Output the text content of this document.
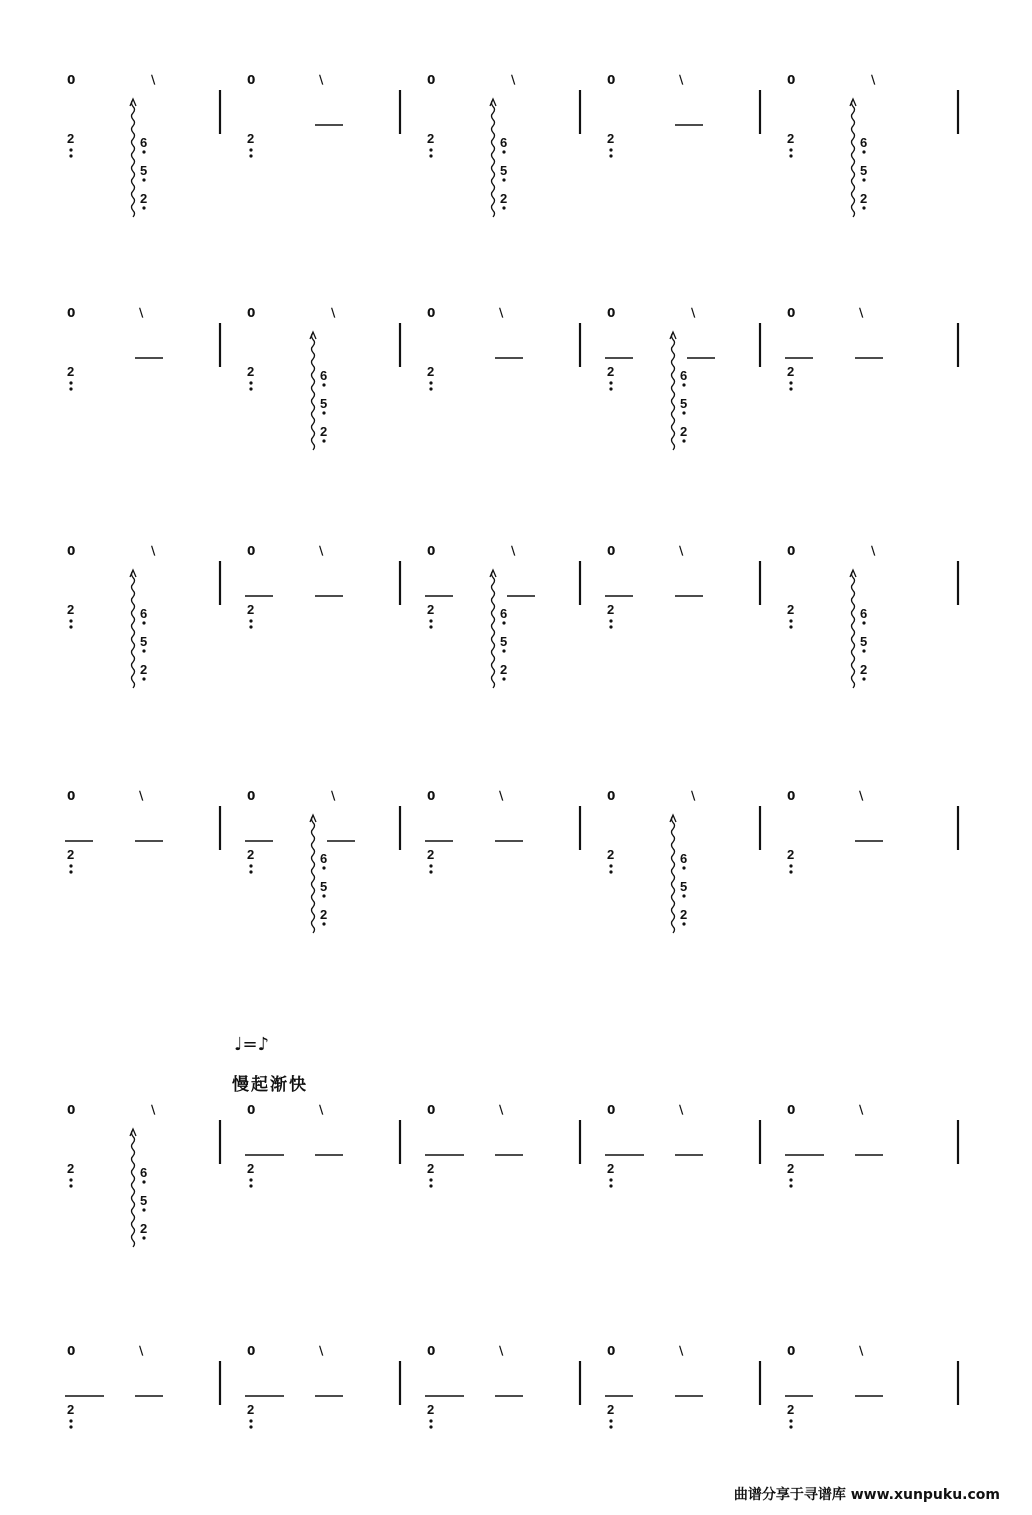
♩=♪
慢起渐快
曲谱分享于寻谱库 www.xunpuku.com
0	∖
2	6
5
2
0	∖
2
0	∖
2	6
5
2
0	∖
2
0	∖
2	6
5
2
0	∖
2
0	∖
2	6
5
2
0	∖
2
0	∖
2	6
5
2
0	∖
2
0	∖
2	6
5
2
0	∖
2
0	∖
2	6
5
2
0	∖
2
0	∖
2	6
5
2
0	∖
2
0	∖
2	6
5
2
0	∖
2
0	∖
2	6
5
2
0	∖
2
0	∖
2	6
5
2
0	∖
2
0	∖
2
0	∖
2
0	∖
2
0	∖
2
0	∖
2
0	∖
2
0	∖
2
0	∖
2
